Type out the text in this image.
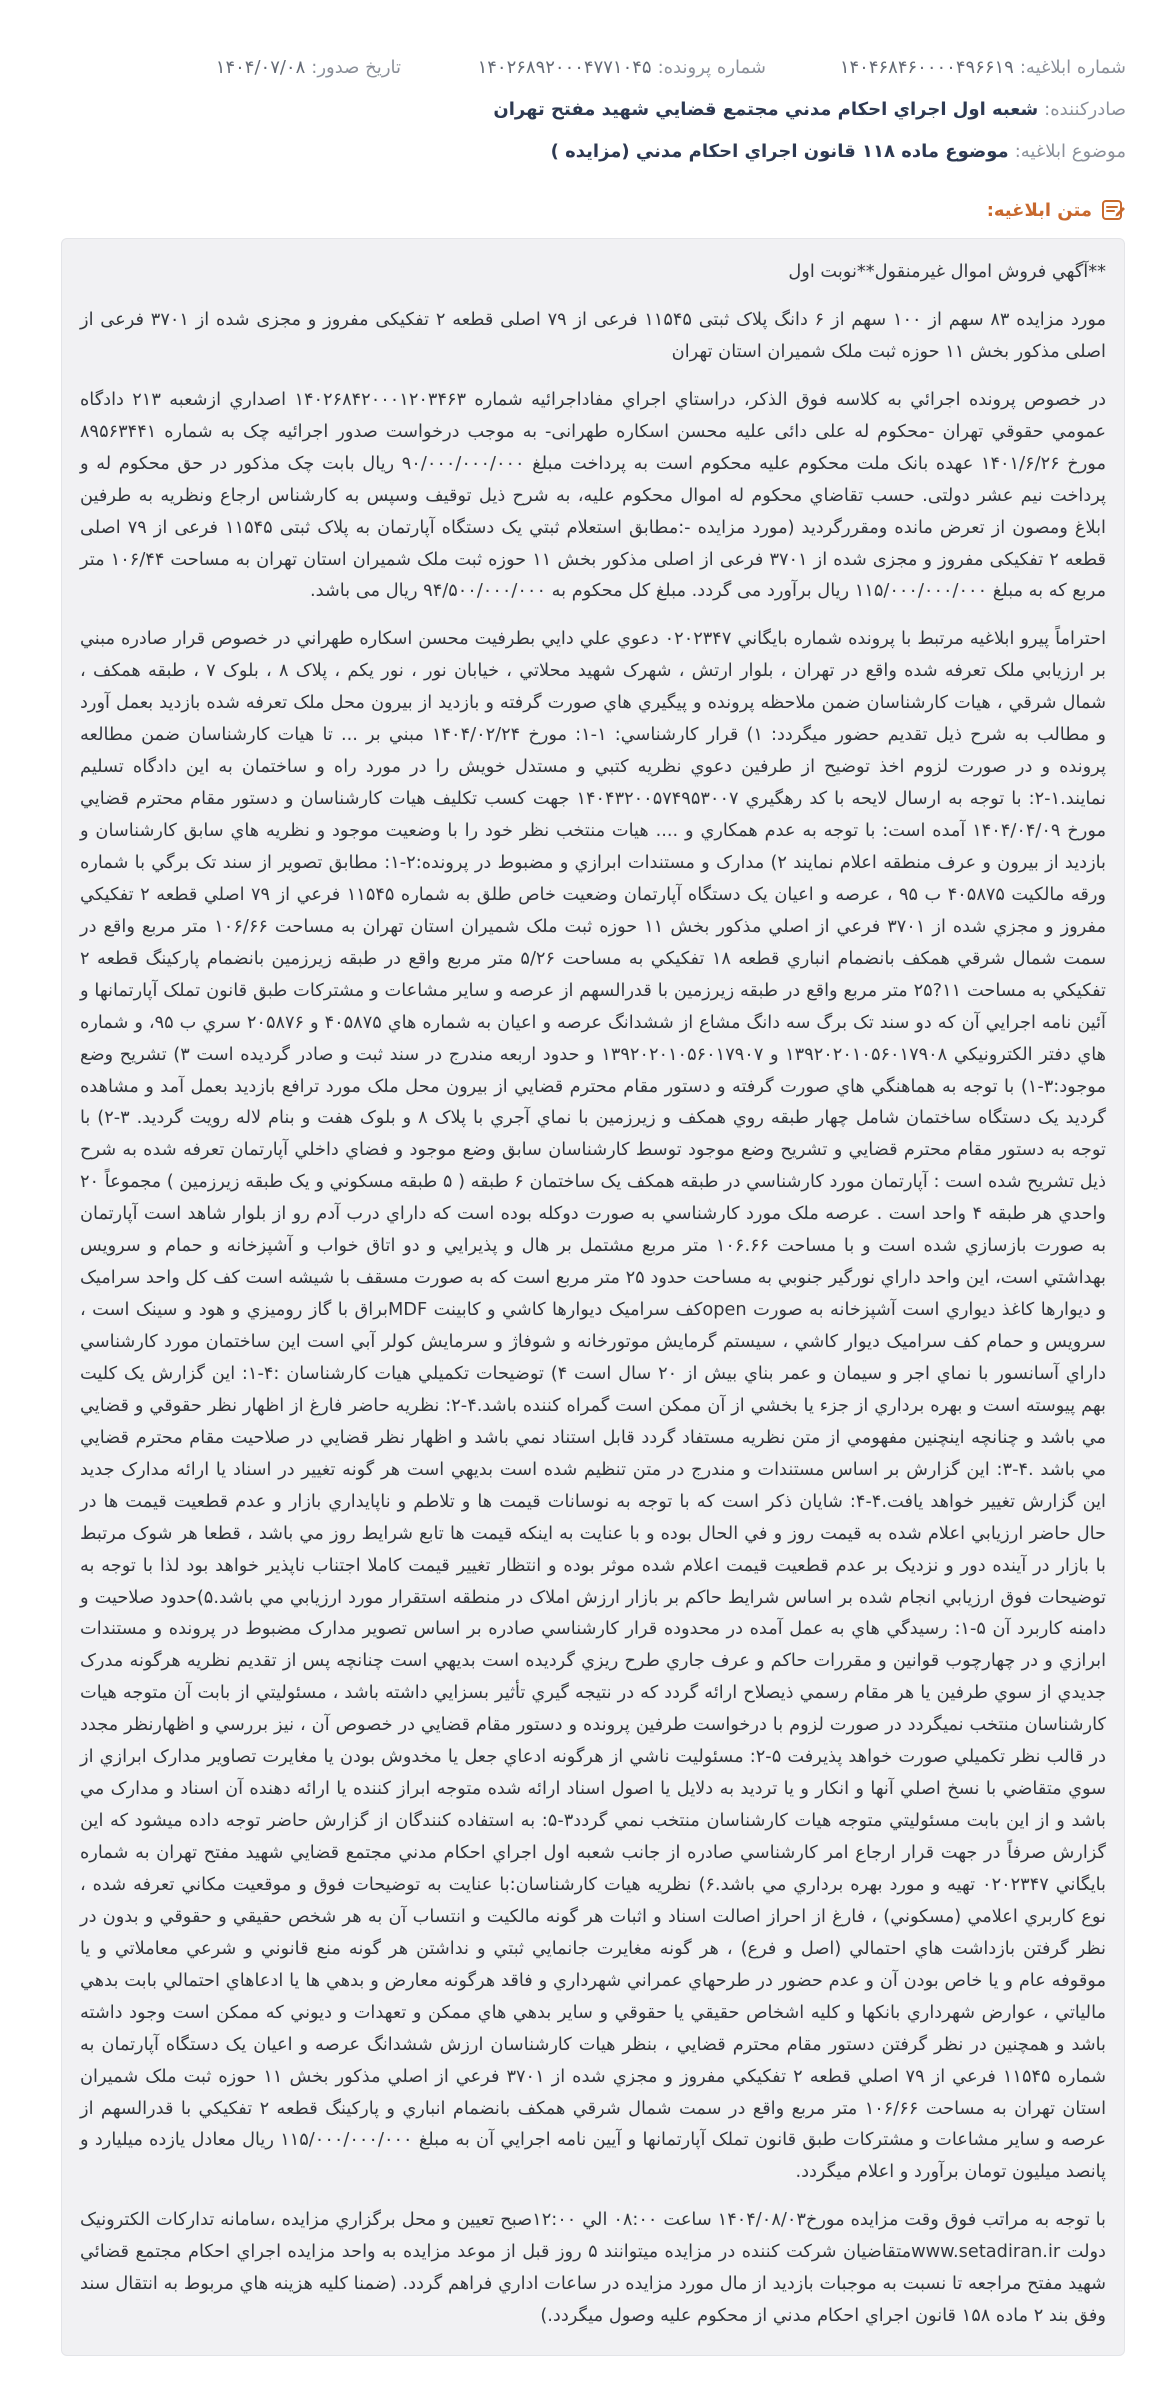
شماره ابلاغيه:
۱۴۰۴۶۸۴۶۰۰۰۰۴۹۶۶۱۹
شماره پرونده:
۱۴۰۲۶۸۹۲۰۰۰۴۷۷۱۰۴۵
تاريخ صدور:
۱۴۰۴/۰۷/۰۸
صادرکننده:
شعبه اول اجراي احکام مدني مجتمع قضايي شهيد مفتح تهران
موضوع ابلاغيه:
موضوع ماده ۱۱۸ قانون اجراي احکام مدني (مزايده )
متن ابلاغيه:

**آگهي فروش اموال غيرمنقول**نوبت اول

مورد مزايده ۸۳ سهم از ۱۰۰ سهم از ۶ دانگ پلاک ثبتی ۱۱۵۴۵ فرعی از ۷۹ اصلی قطعه ۲ تفکیکی مفروز و مجزی شده از ۳۷۰۱ فرعی از اصلی مذکور بخش ۱۱ حوزه ثبت ملک شمیران استان تهران

در خصوص پرونده اجرائي به کلاسه فوق الذکر، دراستاي اجراي مفاداجرائيه شماره ۱۴۰۲۶۸۴۲۰۰۰۱۲۰۳۴۶۳ اصداري ازشعبه ۲۱۳ دادگاه عمومي حقوقي تهران -محکوم له علی دائی علیه محسن اسکاره طهرانی- به موجب درخواست صدور اجرائيه چک به شماره ۸۹۵۶۳۴۴۱ مورخ ۱۴۰۱/۶/۲۶ عهده بانک ملت محکوم علیه محکوم است به پرداخت مبلغ ۹۰/۰۰۰/۰۰۰/۰۰۰ ريال بابت چک مذکور در حق محکوم له و پرداخت نیم عشر دولتی. حسب تقاضاي محکوم له اموال محکوم عليه، به شرح ذيل توقيف وسپس به کارشناس ارجاع ونظريه به طرفين ابلاغ ومصون از تعرض مانده ومقررگرديد (مورد مزايده -:مطابق استعلام ثبتي یک دستگاه آپارتمان به پلاک ثبتی ۱۱۵۴۵ فرعی از ۷۹ اصلی قطعه ۲ تفکیکی مفروز و مجزی شده از ۳۷۰۱ فرعی از اصلی مذکور بخش ۱۱ حوزه ثبت ملک شمیران استان تهران به مساحت ۱۰۶/۴۴ متر مربع که به مبلغ ۱۱۵/۰۰۰/۰۰۰/۰۰۰ ريال برآورد می گردد. مبلغ کل محکوم به ۹۴/۵۰۰/۰۰۰/۰۰۰ ريال می باشد.

احتراماً پيرو ابلاغيه مرتبط با پرونده شماره بايگاني ۰۲۰۲۳۴۷ دعوي علي دايي بطرفيت محسن اسکاره طهراني در خصوص قرار صادره مبني بر ارزيابي ملک تعرفه شده واقع در تهران ، بلوار ارتش ، شهرک شهيد محلاتي ، خيابان نور ، نور يکم ، پلاک ۸ ، بلوک ۷ ، طبقه همکف ، شمال شرقي ، هيات کارشناسان ضمن ملاحظه پرونده و پيگيري هاي صورت گرفته و بازديد از بيرون محل ملک تعرفه شده بازديد بعمل آورد و مطالب به شرح ذيل تقديم حضور ميگردد: ۱) قرار کارشناسي: ۱-۱: مورخ ۱۴۰۴/۰۲/۲۴ مبني بر ... تا هيات کارشناسان ضمن مطالعه پرونده و در صورت لزوم اخذ توضيح از طرفين دعوي نظريه کتبي و مستدل خويش را در مورد راه و ساختمان به اين دادگاه تسليم نمايند.۱-۲: با توجه به ارسال لايحه با کد رهگيري ۱۴۰۴۳۲۰۰۵۷۴۹۵۳۰۰۷ جهت کسب تکليف هيات کارشناسان و دستور مقام محترم قضايي مورخ ۱۴۰۴/۰۴/۰۹ آمده است: با توجه به عدم همکاري و .... هيات منتخب نظر خود را با وضعيت موجود و نظريه هاي سابق کارشناسان و بازديد از بيرون و عرف منطقه اعلام نمايند ۲) مدارک و مستندات ابرازي و مضبوط در پرونده:۲-۱: مطابق تصوير از سند تک برگي با شماره ورقه مالکيت ۴۰۵۸۷۵ ب ۹۵ ، عرصه و اعيان يک دستگاه آپارتمان وضعيت خاص طلق به شماره ۱۱۵۴۵ فرعي از ۷۹ اصلي قطعه ۲ تفکيکي مفروز و مجزي شده از ۳۷۰۱ فرعي از اصلي مذکور بخش ۱۱ حوزه ثبت ملک شميران استان تهران به مساحت ۱۰۶/۶۶ متر مربع واقع در سمت شمال شرقي همکف بانضمام انباري قطعه ۱۸ تفکيکي به مساحت ۵/۲۶ متر مربع واقع در طبقه زيرزمين بانضمام پارکينگ قطعه ۲ تفکيکي به مساحت ۱۱?۲۵ متر مربع واقع در طبقه زيرزمين با قدرالسهم از عرصه و ساير مشاعات و مشترکات طبق قانون تملک آپارتمانها و آئين نامه اجرايي آن که دو سند تک برگ سه دانگ مشاع از ششدانگ عرصه و اعيان به شماره هاي ۴۰۵۸۷۵ و ۲۰۵۸۷۶ سري ب ۹۵، و شماره هاي دفتر الکترونيکي ۱۳۹۲۰۲۰۱۰۵۶۰۱۷۹۰۸ و ۱۳۹۲۰۲۰۱۰۵۶۰۱۷۹۰۷ و حدود اربعه مندرج در سند ثبت و صادر گرديده است ۳) تشريح وضع موجود:۳-۱) با توجه به هماهنگي هاي صورت گرفته و دستور مقام محترم قضايي از بيرون محل ملک مورد ترافع بازديد بعمل آمد و مشاهده گرديد يک دستگاه ساختمان شامل چهار طبقه روي همکف و زيرزمين با نماي آجري با پلاک ۸ و بلوک هفت و بنام لاله رويت گرديد. ۳-۲) با توجه به دستور مقام محترم قضايي و تشريح وضع موجود توسط کارشناسان سابق وضع موجود و فضاي داخلي آپارتمان تعرفه شده به شرح ذيل تشريح شده است : آپارتمان مورد کارشناسي در طبقه همکف يک ساختمان ۶ طبقه ( ۵ طبقه مسکوني و يک طبقه زيرزمين ) مجموعاً ۲۰ واحدي هر طبقه ۴ واحد است . عرصه ملک مورد کارشناسي به صورت دوکله بوده است که داراي درب آدم رو از بلوار شاهد است آپارتمان به صورت بازسازي شده است و با مساحت ۱۰۶.۶۶ متر مربع مشتمل بر هال و پذيرايي و دو اتاق خواب و آشپزخانه و حمام و سرويس بهداشتي است، اين واحد داراي نورگير جنوبي به مساحت حدود ۲۵ متر مربع است که به صورت مسقف با شيشه است کف کل واحد سراميک و ديوارها کاغذ ديواري است آشپزخانه به صورت openکف سراميک ديوارها کاشي و کابينت MDFبراق با گاز روميزي و هود و سينک است ، سرويس و حمام کف سراميک ديوار کاشي ، سيستم گرمايش موتورخانه و شوفاژ و سرمايش کولر آبي است اين ساختمان مورد کارشناسي داراي آسانسور با نماي اجر و سيمان و عمر بناي بيش از ۲۰ سال است ۴) توضيحات تکميلي هيات کارشناسان :۴-۱: اين گزارش يک کليت بهم پيوسته است و بهره برداري از جزء يا بخشي از آن ممکن است گمراه کننده باشد.۴-۲: نظريه حاضر فارغ از اظهار نظر حقوقي و قضايي مي باشد و چنانچه اينچنين مفهومي از متن نظريه مستفاد گردد قابل استناد نمي باشد و اظهار نظر قضايي در صلاحيت مقام محترم قضايي مي باشد .۴-۳: اين گزارش بر اساس مستندات و مندرج در متن تنظيم شده است بديهي است هر گونه تغيير در اسناد يا ارائه مدارک جديد اين گزارش تغيير خواهد يافت.۴-۴: شايان ذکر است که با توجه به نوسانات قيمت ها و تلاطم و ناپايداري بازار و عدم قطعيت قيمت ها در حال حاضر ارزيابي اعلام شده به قيمت روز و في الحال بوده و با عنايت به اينکه قيمت ها تابع شرايط روز مي باشد ، قطعا هر شوک مرتبط با بازار در آينده دور و نزديک بر عدم قطعيت قيمت اعلام شده موثر بوده و انتظار تغيير قيمت کاملا اجتناب ناپذير خواهد بود لذا با توجه به توضيحات فوق ارزيابي انجام شده بر اساس شرايط حاکم بر بازار ارزش املاک در منطقه استقرار مورد ارزيابي مي باشد.۵)حدود صلاحيت و دامنه کاربرد آن ۵-۱: رسيدگي هاي به عمل آمده در محدوده قرار کارشناسي صادره بر اساس تصوير مدارک مضبوط در پرونده و مستندات ابرازي و در چهارچوب قوانين و مقررات حاکم و عرف جاري طرح ريزي گرديده است بديهي است چنانچه پس از تقديم نظريه هرگونه مدرک جديدي از سوي طرفين يا هر مقام رسمي ذيصلاح ارائه گردد که در نتيجه گيري تأثير بسزايي داشته باشد ، مسئوليتي از بابت آن متوجه هيات کارشناسان منتخب نميگردد در صورت لزوم با درخواست طرفين پرونده و دستور مقام قضايي در خصوص آن ، نيز بررسي و اظهارنظر مجدد در قالب نظر تکميلي صورت خواهد پذيرفت ۵-۲: مسئوليت ناشي از هرگونه ادعاي جعل يا مخدوش بودن يا مغايرت تصاوير مدارک ابرازي از سوي متقاضي با نسخ اصلي آنها و انکار و يا ترديد به دلايل يا اصول اسناد ارائه شده متوجه ابراز کننده يا ارائه دهنده آن اسناد و مدارک مي باشد و از اين بابت مسئوليتي متوجه هيات کارشناسان منتخب نمي گردد۳-۵: به استفاده کنندگان از گزارش حاضر توجه داده ميشود که اين گزارش صرفاً در جهت قرار ارجاع امر کارشناسي صادره از جانب شعبه اول اجراي احکام مدني مجتمع قضايي شهيد مفتح تهران به شماره بايگاني ۰۲۰۲۳۴۷ تهيه و مورد بهره برداري مي باشد.۶) نظريه هيات کارشناسان:با عنايت به توضيحات فوق و موقعيت مکاني تعرفه شده ، نوع کاربري اعلامي (مسکوني) ، فارغ از احراز اصالت اسناد و اثبات هر گونه مالکيت و انتساب آن به هر شخص حقيقي و حقوقي و بدون در نظر گرفتن بازداشت هاي احتمالي (اصل و فرع) ، هر گونه مغايرت جانمايي ثبتي و نداشتن هر گونه منع قانوني و شرعي معاملاتي و يا موقوفه عام و يا خاص بودن آن و عدم حضور در طرحهاي عمراني شهرداري و فاقد هرگونه معارض و بدهي ها يا ادعاهاي احتمالي بابت بدهي مالياتي ، عوارض شهرداري بانکها و کليه اشخاص حقيقي يا حقوقي و ساير بدهي هاي ممکن و تعهدات و ديوني که ممکن است وجود داشته باشد و همچنين در نظر گرفتن دستور مقام محترم قضايي ، بنظر هيات کارشناسان ارزش ششدانگ عرصه و اعيان يک دستگاه آپارتمان به شماره ۱۱۵۴۵ فرعي از ۷۹ اصلي قطعه ۲ تفکيکي مفروز و مجزي شده از ۳۷۰۱ فرعي از اصلي مذکور بخش ۱۱ حوزه ثبت ملک شميران استان تهران به مساحت ۱۰۶/۶۶ متر مربع واقع در سمت شمال شرقي همکف بانضمام انباري و پارکينگ قطعه ۲ تفکيکي با قدرالسهم از عرصه و ساير مشاعات و مشترکات طبق قانون تملک آپارتمانها و آيين نامه اجرايي آن به مبلغ ۱۱۵/۰۰۰/۰۰۰/۰۰۰ ريال معادل يازده ميليارد و پانصد ميليون تومان برآورد و اعلام ميگردد.

با توجه به مراتب فوق وقت مزايده مورخ۱۴۰۴/۰۸/۰۳ ساعت ۰۸:۰۰ الي ۱۲:۰۰صبح تعيين و محل برگزاري مزايده ،سامانه تدارکات الکترونيک دولت www.setadiran.irمتقاضيان شرکت کننده در مزايده ميتوانند ۵ روز قبل از موعد مزايده به واحد مزايده اجراي احکام مجتمع قضائي شهيد مفتح مراجعه تا نسبت به موجبات بازديد از مال مورد مزايده در ساعات اداري فراهم گردد. (ضمنا کليه هزينه هاي مربوط به انتقال سند وفق بند ۲ ماده ۱۵۸ قانون اجراي احکام مدني از محکوم عليه وصول ميگردد.)
